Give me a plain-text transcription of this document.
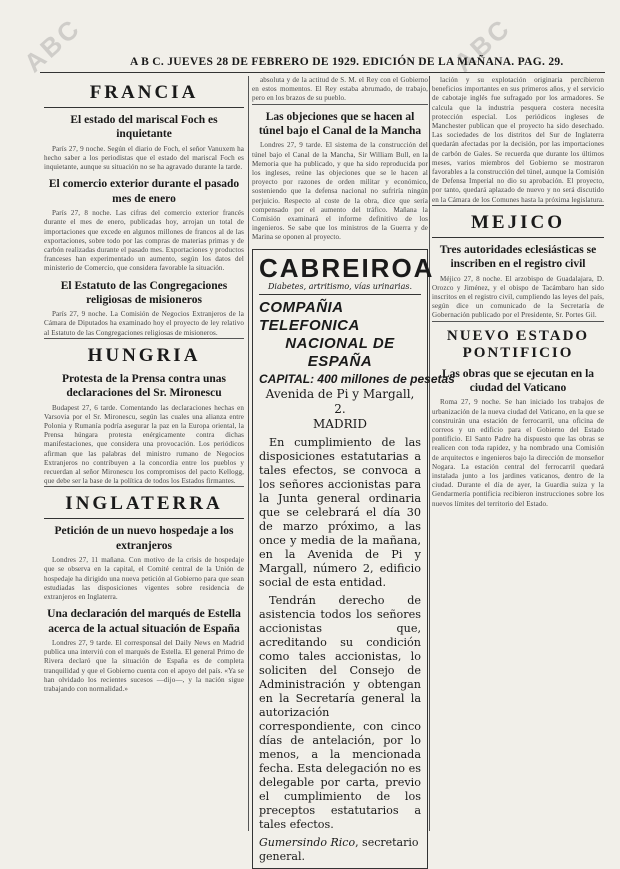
ABC	ABC
A B C. JUEVES 28 DE FEBRERO DE 1929. EDICIÓN DE LA MAÑANA. PAG. 29.
FRANCIA
El estado del mariscal Foch es inquietante

París 27, 9 noche. Según el diario de Foch, el señor Vanuxem ha hecho saber a los periodistas que el estado del mariscal Foch es inquietante, aunque su situación no se ha agravado durante la tarde.

El comercio exterior durante el pasado mes de enero

París 27, 8 noche. Las cifras del comercio exterior francés durante el mes de enero, publicadas hoy, arrojan un total de importaciones que excede en algunos millones de francos al de las exportaciones, sobre todo por las compras de materias primas y de carbón realizadas durante el pasado mes. Exportaciones y productos franceses han experimentado un aumento, según los datos del ministerio de Comercio, que considera favorable la situación.

El Estatuto de las Congregaciones religiosas de misioneros

París 27, 9 noche. La Comisión de Negocios Extranjeros de la Cámara de Diputados ha examinado hoy el proyecto de ley relativo al Estatuto de las Congregaciones religiosas de misioneros.

HUNGRIA
Protesta de la Prensa contra unas declaraciones del Sr. Mironescu

Budapest 27, 6 tarde. Comentando las declaraciones hechas en Varsovia por el Sr. Mironescu, según las cuales una alianza entre Polonia y Rumanía podría asegurar la paz en la Europa oriental, la Prensa húngara protesta enérgicamente contra dichas manifestaciones, que considera una provocación. Los periódicos afirman que las palabras del ministro rumano de Negocios Extranjeros no contribuyen a la concordia entre los pueblos y recuerdan al señor Mironescu los compromisos del pacto Kellogg, que debe ser la base de la política de todos los Estados firmantes.

INGLATERRA
Petición de un nuevo hospedaje a los extranjeros

Londres 27, 11 mañana. Con motivo de la crisis de hospedaje que se observa en la capital, el Comité central de la Unión de hospedaje ha dirigido una nueva petición al Gobierno para que sean estudiadas las disposiciones vigentes sobre residencia de extranjeros en Inglaterra.

Una declaración del marqués de Estella acerca de la actual situación de España

Londres 27, 9 tarde. El corresponsal del Daily News en Madrid publica una interviú con el marqués de Estella. El general Primo de Rivera declaró que la situación de España es de completa tranquilidad y que el Gobierno cuenta con el apoyo del país. «Ya se han olvidado los recientes sucesos —dijo—, y la nación sigue trabajando con normalidad.»

absoluta y de la actitud de S. M. el Rey con el Gobierno en estos momentos. El Rey estaba abrumado, de trabajo, pero en los brazos de su pueblo.

Las objeciones que se hacen al túnel bajo el Canal de la Mancha

Londres 27, 9 tarde. El sistema de la construcción del túnel bajo el Canal de la Mancha, Sir William Bull, en la Memoria que ha publicado, y que ha sido reproducida por los ingleses, reúne las objeciones que se le hacen al proyecto por razones de orden militar y económico, sosteniendo que la defensa nacional no sufriría ningún perjuicio. Respecto al coste de la obra, dice que sería compensado por el aumento del tráfico. Mañana la Comisión examinará el informe definitivo de los ingenieros. Se sabe que los ministros de la Guerra y de Marina se oponen al proyecto.

CABREIROA
Diabetes, artritismo, vías urinarias.
COMPAÑIA TELEFONICA
NACIONAL DE ESPAÑA
CAPITAL: 400 millones de pesetas
Avenida de Pi y Margall, 2.
MADRID

En cumplimiento de las disposiciones estatutarias a tales efectos, se convoca a los señores accionistas para la Junta general ordinaria que se celebrará el día 30 de marzo próximo, a las once y media de la mañana, en la Avenida de Pi y Margall, número 2, edificio social de esta entidad.

Tendrán derecho de asistencia todos los señores accionistas que, acreditando su condición como tales accionistas, lo soliciten del Consejo de Administración y obtengan en la Secretaría general la autorización correspondiente, con cinco días de antelación, por lo menos, a la mencionada fecha. Esta delegación no es delegable por carta, previo el cumplimiento de los preceptos estatutarios a tales efectos.

Gumersindo Rico, secretario general.

lación y su explotación originaria percibieron beneficios importantes en sus primeros años, y el servicio de cabotaje inglés fue sufragado por los armadores. Se calcula que la industria pesquera costera necesita protección especial. Los periódicos ingleses de Manchester publican que el proyecto ha sido desechado. Las sociedades de los distritos del Sur de Inglaterra quedarán afectadas por la decisión, por las importaciones de carbón de Gales. Se recuerda que durante los últimos meses, varios miembros del Gobierno se mostraron favorables a la construcción del túnel, aunque la Comisión de Defensa Imperial no dio su aprobación. El proyecto, por tanto, quedará aplazado de nuevo y no será discutido en la Cámara de los Comunes hasta la próxima legislatura.

MEJICO
Tres autoridades eclesiásticas se inscriben en el registro civil

Méjico 27, 8 noche. El arzobispo de Guadalajara, D. Orozco y Jiménez, y el obispo de Tacámbaro han sido inscritos en el registro civil, cumpliendo las leyes del país, según dice un comunicado de la Secretaría de Gobernación publicado por el Presidente, Sr. Portes Gil.

NUEVO ESTADO PONTIFICIO
Las obras que se ejecutan en la ciudad del Vaticano

Roma 27, 9 noche. Se han iniciado los trabajos de urbanización de la nueva ciudad del Vaticano, en la que se construirán una estación de ferrocarril, una oficina de correos y un edificio para el Gobierno del Estado pontificio. El Santo Padre ha dispuesto que las obras se realicen con toda rapidez, y ha nombrado una Comisión de arquitectos e ingenieros bajo la dirección de monseñor Nogara. La estación central del ferrocarril quedará instalada junto a los jardines vaticanos, dentro de la ciudad. Durante el día de ayer, la Guardia suiza y la Gendarmería pontificia recibieron instrucciones sobre los nuevos límites del territorio del Estado.
